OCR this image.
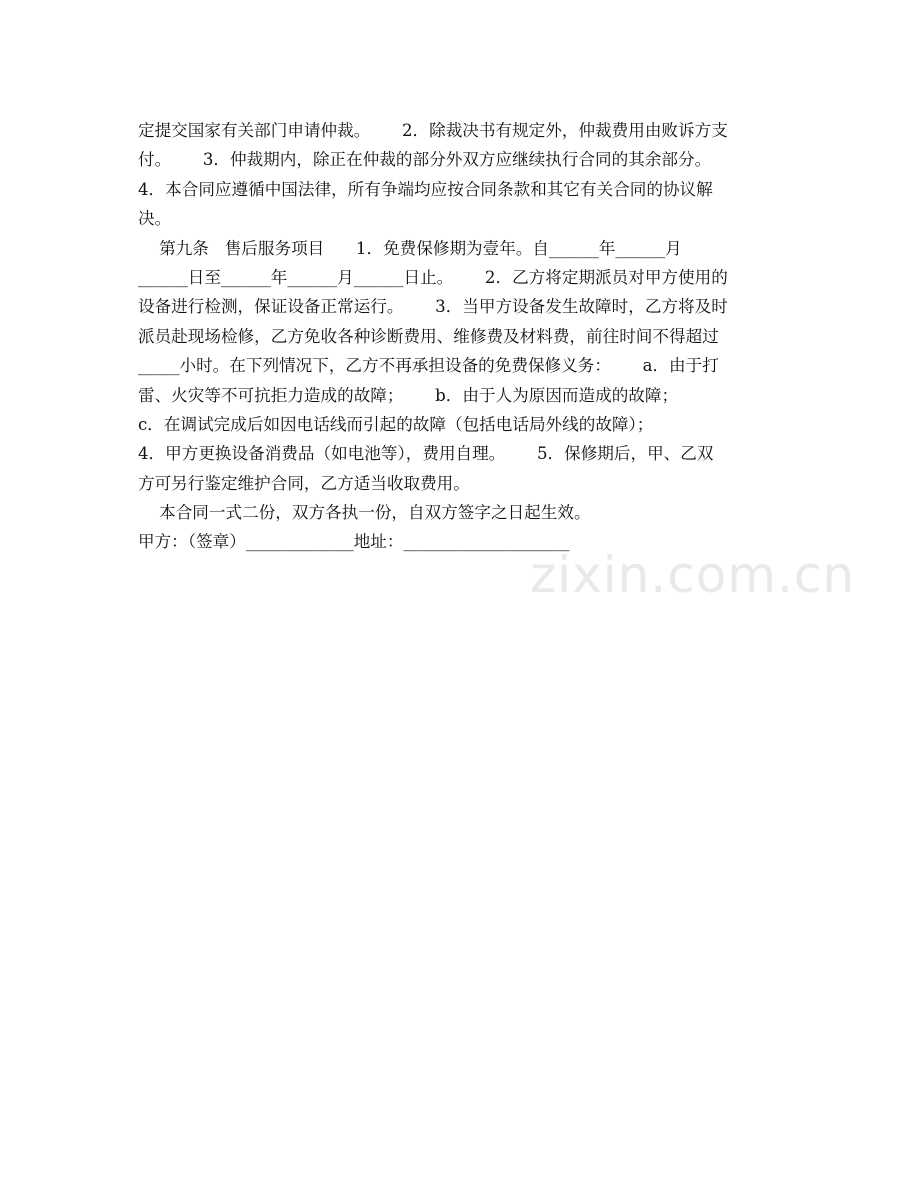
zixin.com.cn
定提交国家有关部门申请仲裁。      2．除裁决书有规定外，仲裁费用由败诉方支
付。      3．仲裁期内，除正在仲裁的部分外双方应继续执行合同的其余部分。
4．本合同应遵循中国法律，所有争端均应按合同条款和其它有关合同的协议解
决。
第九条   售后服务项目      1．免费保修期为壹年。自______年______月
______日至______年______月______日止。      2．乙方将定期派员对甲方使用的
设备进行检测，保证设备正常运行。      3．当甲方设备发生故障时，乙方将及时
派员赴现场检修，乙方免收各种诊断费用、维修费及材料费，前往时间不得超过
_____小时。在下列情况下，乙方不再承担设备的免费保修义务：      a．由于打
雷、火灾等不可抗拒力造成的故障；      b．由于人为原因而造成的故障；
c．在调试完成后如因电话线而引起的故障（包括电话局外线的故障）；
4．甲方更换设备消费品（如电池等），费用自理。      5．保修期后，甲、乙双
方可另行鉴定维护合同，乙方适当收取费用。
本合同一式二份，双方各执一份，自双方签字之日起生效。
甲方：（签章）_____________地址：____________________
